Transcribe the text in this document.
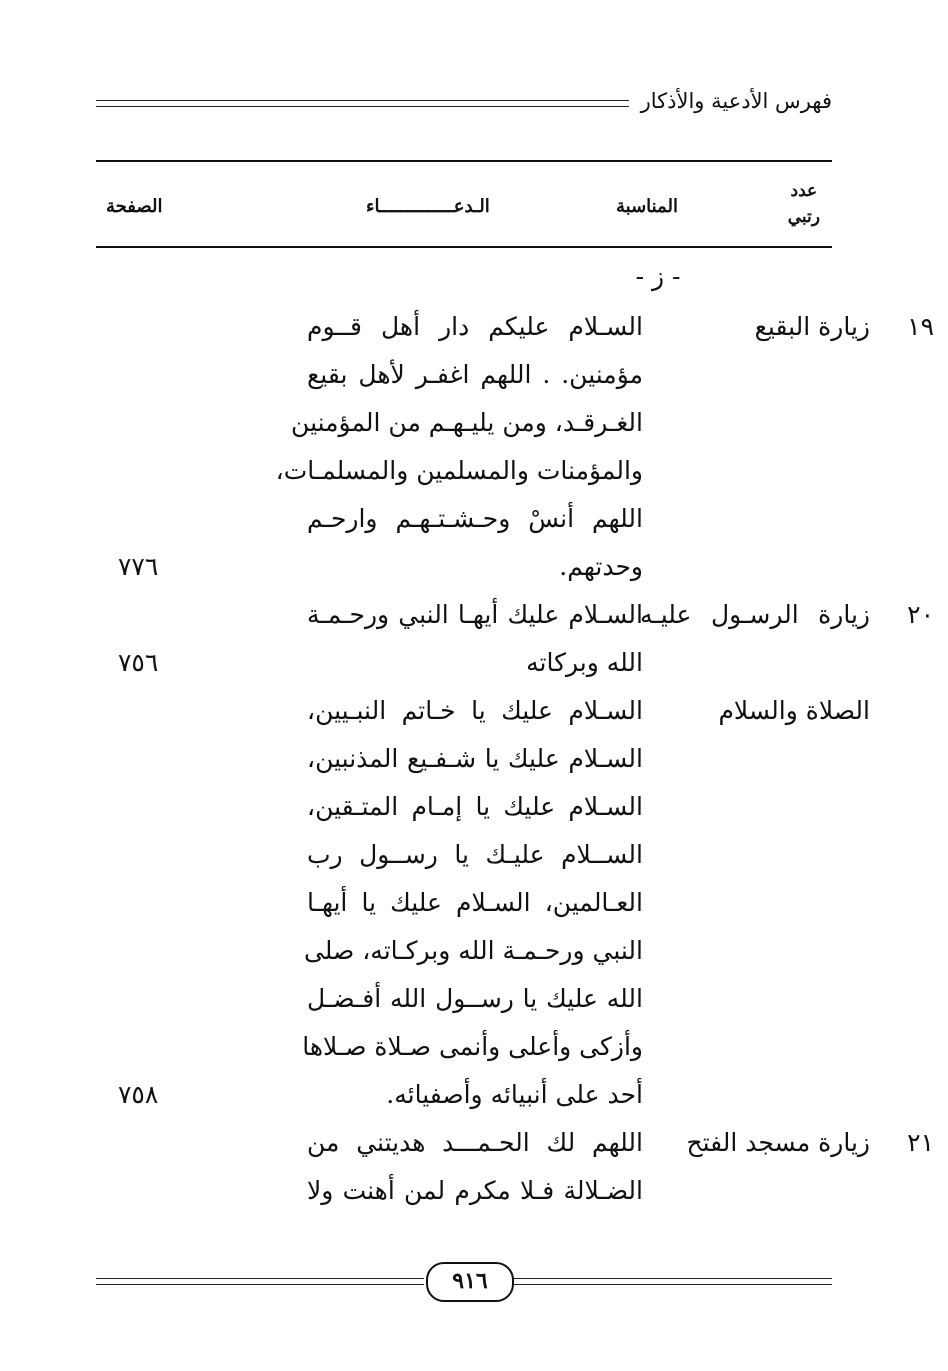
فهرس الأدعية والأذكار
عدد
رتبي
المناسبة
الـدعــــــــــــــاء
الصفحة
- ز -
١٩
زيارة البقيع
السـلام عليكم دار أهل قــوم
مؤمنين. . اللهم اغفـر لأهل بقيع
الغـرقـد، ومن يليـهـم من المؤمنين
والمؤمنات والمسلمين والمسلمـات،
اللهم أنسْ وحـشـتـهـم وارحـم
وحدتهم.
٧٧٦
٢٠
زيارة الرسـول عليـه
السـلام عليك أيهـا النبي ورحـمـة
الله وبركاته
٧٥٦
الصلاة والسلام
السـلام عليك يا خـاتم النبـيين،
السـلام عليك يا شـفـيع المذنبين،
السـلام عليك يا إمـام المتـقين،
الســلام عليـك يا رســول رب
العـالمين، السـلام عليك يا أيهـا
النبي ورحـمـة الله وبركـاته، صلى
الله عليك يا رســول الله أفـضـل
وأزكى وأعلى وأنمى صـلاة صـلاها
أحد على أنبيائه وأصفيائه.
٧٥٨
٢١
زيارة مسجد الفتح
اللهم لك الحـمـــد هديتني من
الضـلالة فـلا مكرم لمن أهنت ولا
٩١٦
